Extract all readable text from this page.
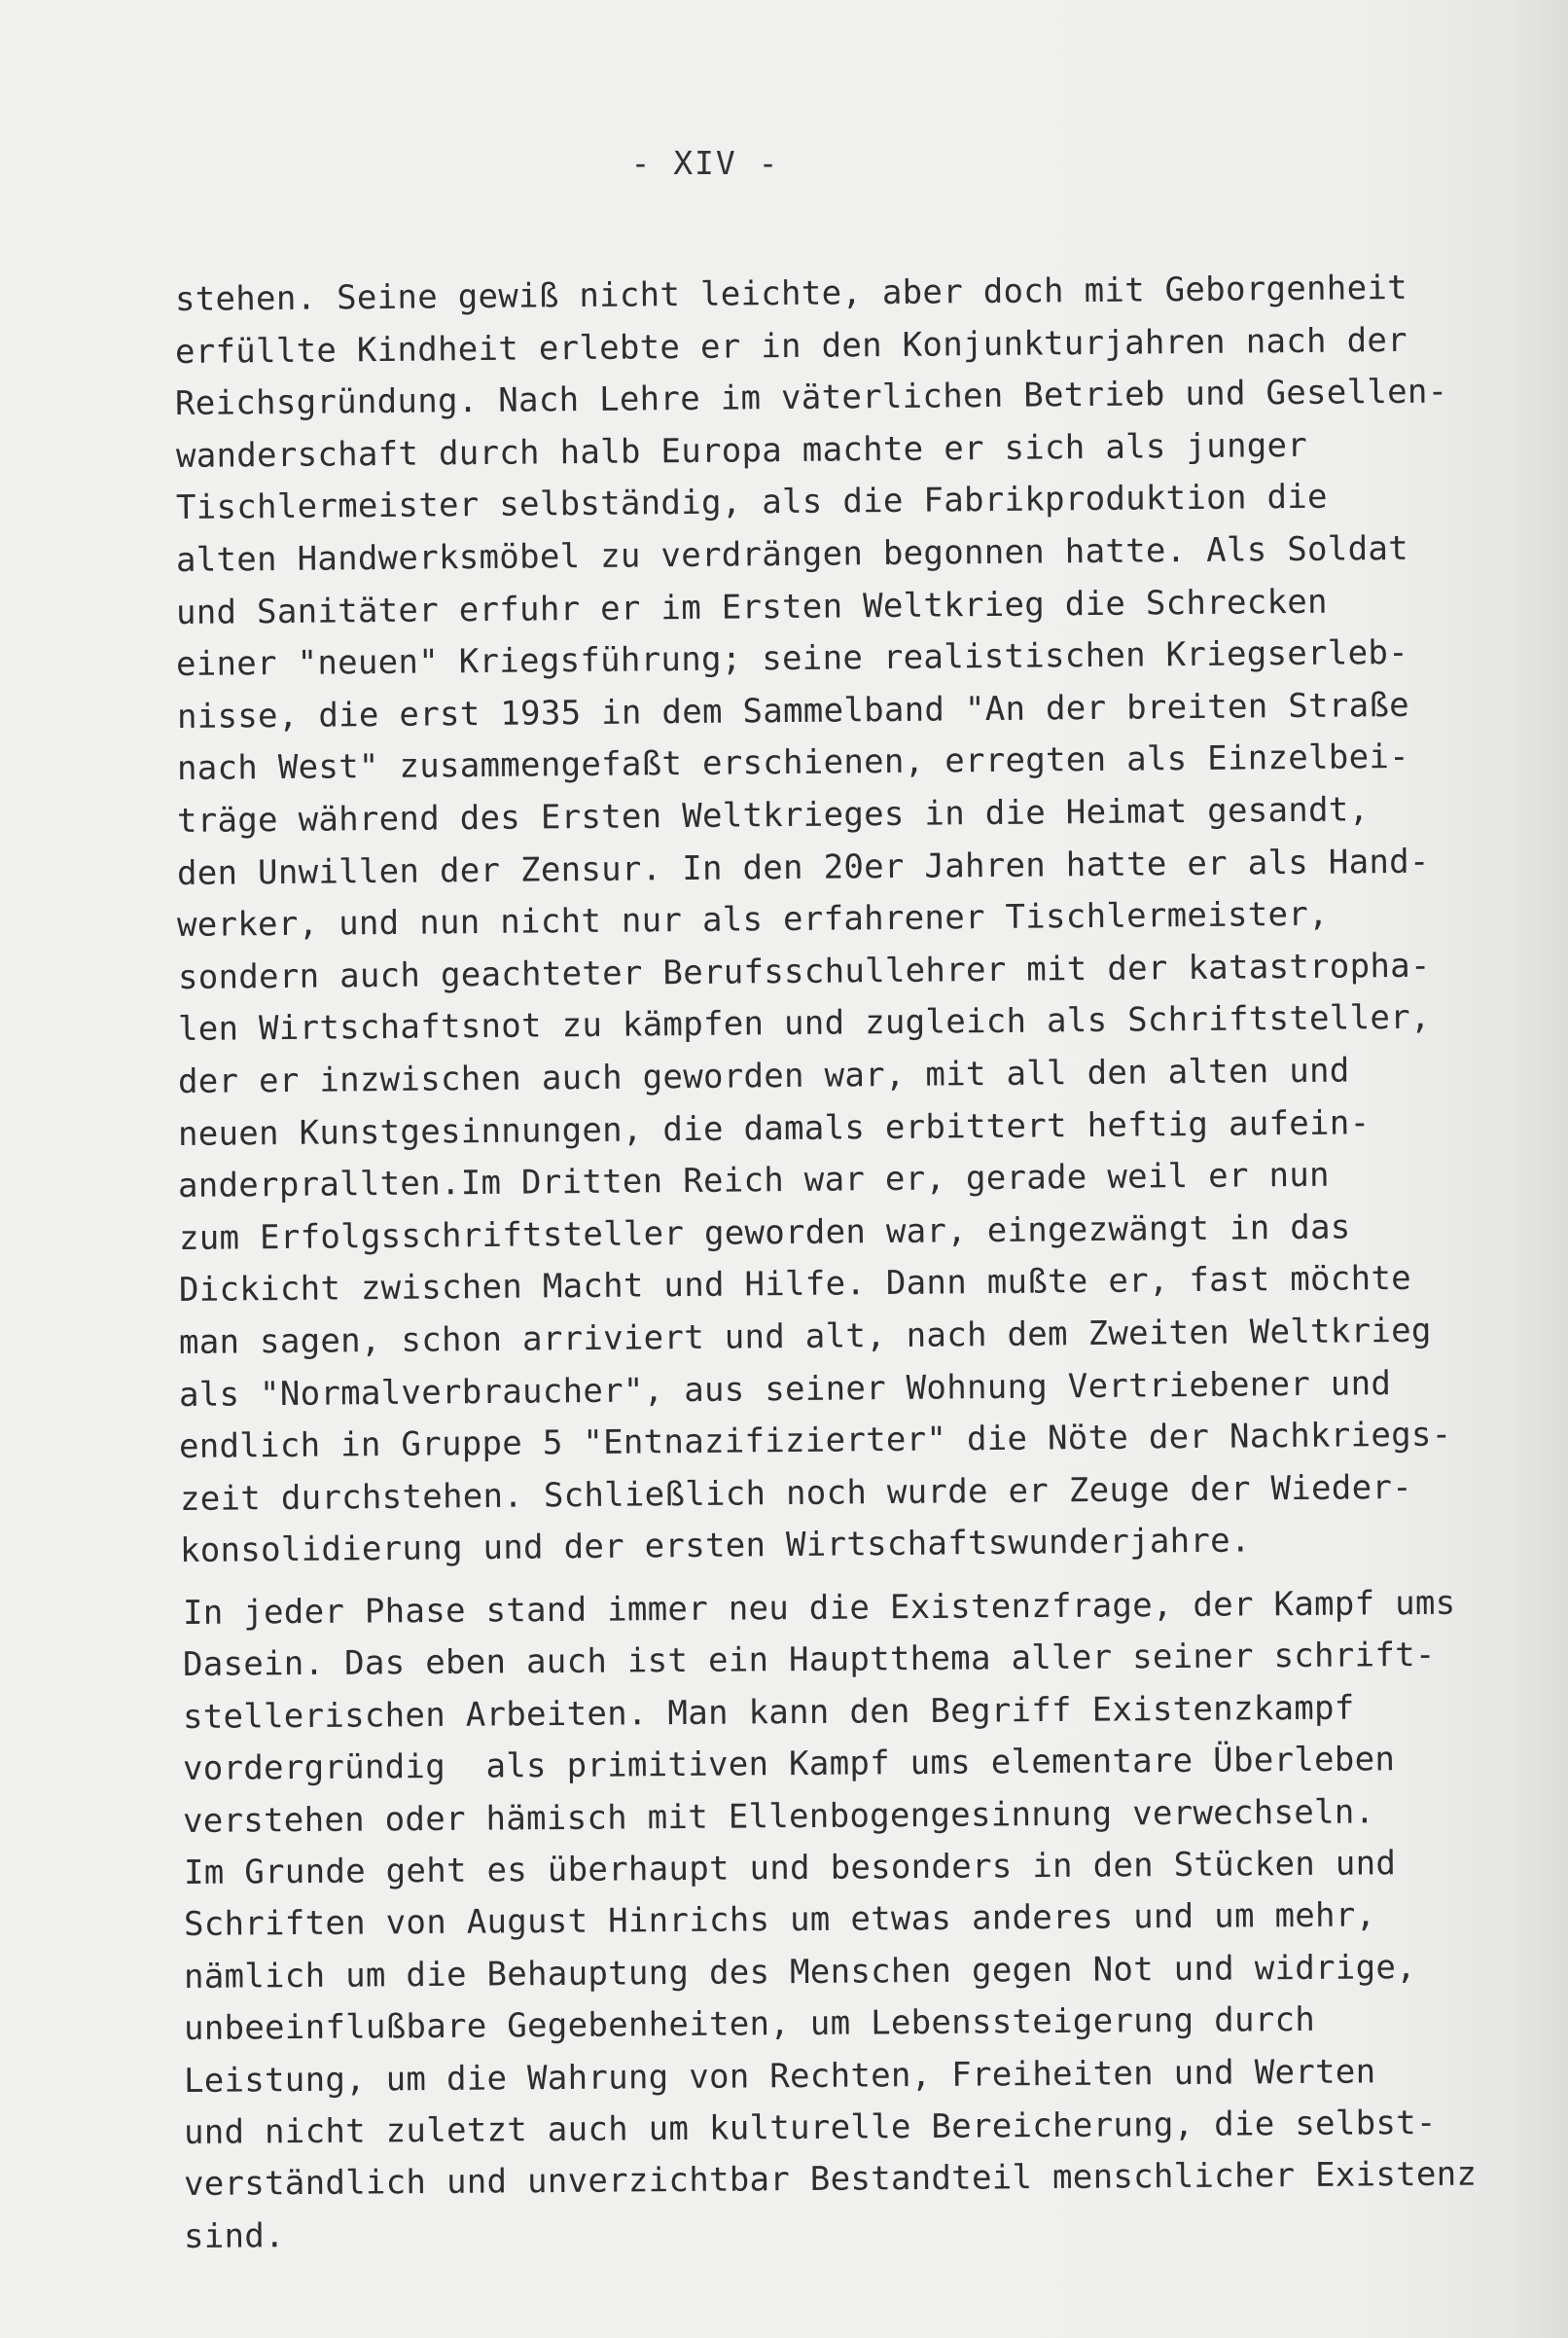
- XIV -
stehen. Seine gewiß nicht leichte, aber doch mit Geborgenheit
erfüllte Kindheit erlebte er in den Konjunkturjahren nach der
Reichsgründung. Nach Lehre im väterlichen Betrieb und Gesellen-
wanderschaft durch halb Europa machte er sich als junger
Tischlermeister selbständig, als die Fabrikproduktion die
alten Handwerksmöbel zu verdrängen begonnen hatte. Als Soldat
und Sanitäter erfuhr er im Ersten Weltkrieg die Schrecken
einer "neuen" Kriegsführung; seine realistischen Kriegserleb-
nisse, die erst 1935 in dem Sammelband "An der breiten Straße
nach West" zusammengefaßt erschienen, erregten als Einzelbei-
träge während des Ersten Weltkrieges in die Heimat gesandt,
den Unwillen der Zensur. In den 20er Jahren hatte er als Hand-
werker, und nun nicht nur als erfahrener Tischlermeister,
sondern auch geachteter Berufsschullehrer mit der katastropha-
len Wirtschaftsnot zu kämpfen und zugleich als Schriftsteller,
der er inzwischen auch geworden war, mit all den alten und
neuen Kunstgesinnungen, die damals erbittert heftig aufein-
anderprallten.Im Dritten Reich war er, gerade weil er nun
zum Erfolgsschriftsteller geworden war, eingezwängt in das
Dickicht zwischen Macht und Hilfe. Dann mußte er, fast möchte
man sagen, schon arriviert und alt, nach dem Zweiten Weltkrieg
als "Normalverbraucher", aus seiner Wohnung Vertriebener und
endlich in Gruppe 5 "Entnazifizierter" die Nöte der Nachkriegs-
zeit durchstehen. Schließlich noch wurde er Zeuge der Wieder-
konsolidierung und der ersten Wirtschaftswunderjahre.
In jeder Phase stand immer neu die Existenzfrage, der Kampf ums
Dasein. Das eben auch ist ein Hauptthema aller seiner schrift-
stellerischen Arbeiten. Man kann den Begriff Existenzkampf
vordergründig  als primitiven Kampf ums elementare Überleben
verstehen oder hämisch mit Ellenbogengesinnung verwechseln.
Im Grunde geht es überhaupt und besonders in den Stücken und
Schriften von August Hinrichs um etwas anderes und um mehr,
nämlich um die Behauptung des Menschen gegen Not und widrige,
unbeeinflußbare Gegebenheiten, um Lebenssteigerung durch
Leistung, um die Wahrung von Rechten, Freiheiten und Werten
und nicht zuletzt auch um kulturelle Bereicherung, die selbst-
verständlich und unverzichtbar Bestandteil menschlicher Existenz
sind.
